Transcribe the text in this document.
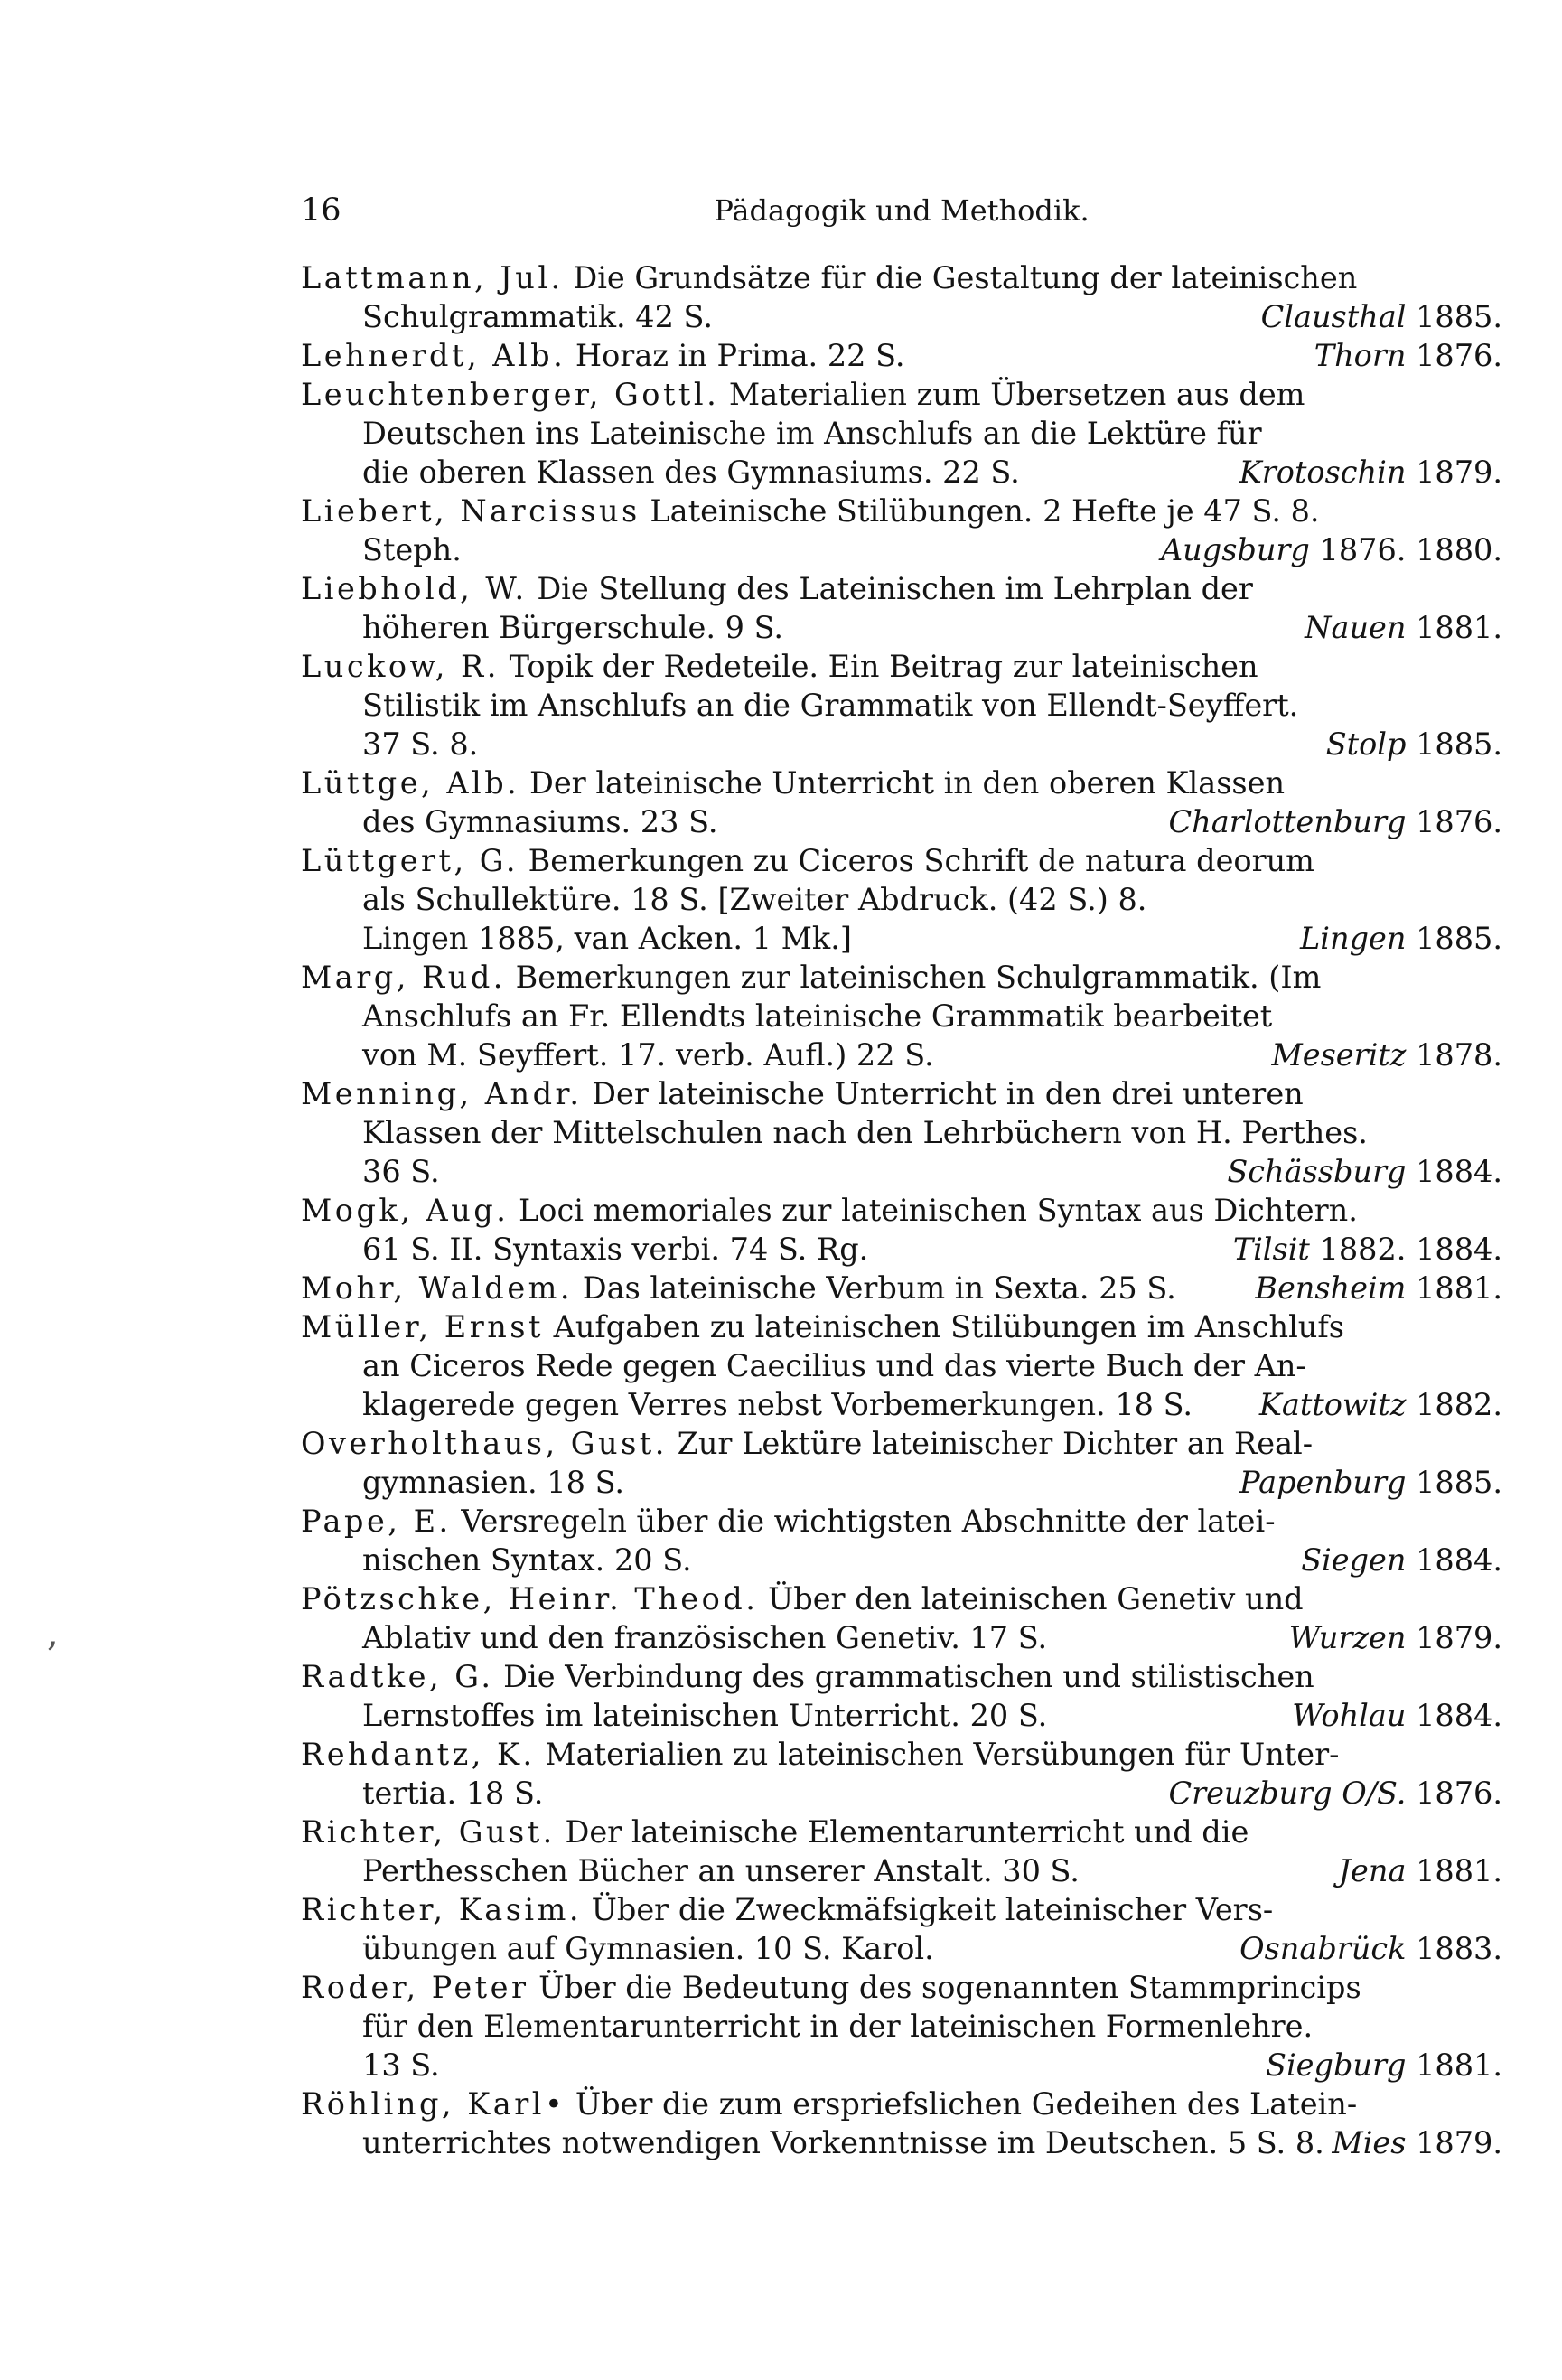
16	Pädagogik und Methodik.
,
Lattmann, Jul. Die Grundsätze für die Gestaltung der lateinischen
Schulgrammatik. 42 S.	Clausthal 1885.
Lehnerdt, Alb. Horaz in Prima. 22 S.	Thorn 1876.
Leuchtenberger, Gottl. Materialien zum Übersetzen aus dem
Deutschen ins Lateinische im Anschlufs an die Lektüre für
die oberen Klassen des Gymnasiums. 22 S.	Krotoschin 1879.
Liebert, Narcissus Lateinische Stilübungen. 2 Hefte je 47 S. 8.
Steph.	Augsburg 1876. 1880.
Liebhold, W. Die Stellung des Lateinischen im Lehrplan der
höheren Bürgerschule. 9 S.	Nauen 1881.
Luckow, R. Topik der Redeteile. Ein Beitrag zur lateinischen
Stilistik im Anschlufs an die Grammatik von Ellendt-Seyffert.
37 S. 8.	Stolp 1885.
Lüttge, Alb. Der lateinische Unterricht in den oberen Klassen
des Gymnasiums. 23 S.	Charlottenburg 1876.
Lüttgert, G. Bemerkungen zu Ciceros Schrift de natura deorum
als Schullektüre. 18 S. [Zweiter Abdruck. (42 S.) 8.
Lingen 1885, van Acken. 1 Mk.]	Lingen 1885.
Marg, Rud. Bemerkungen zur lateinischen Schulgrammatik. (Im
Anschlufs an Fr. Ellendts lateinische Grammatik bearbeitet
von M. Seyffert. 17. verb. Aufl.) 22 S.	Meseritz 1878.
Menning, Andr. Der lateinische Unterricht in den drei unteren
Klassen der Mittelschulen nach den Lehrbüchern von H. Perthes.
36 S.	Schässburg 1884.
Mogk, Aug. Loci memoriales zur lateinischen Syntax aus Dichtern.
61 S. II. Syntaxis verbi. 74 S. Rg.	Tilsit 1882. 1884.
Mohr, Waldem. Das lateinische Verbum in Sexta. 25 S.	Bensheim 1881.
Müller, Ernst Aufgaben zu lateinischen Stilübungen im Anschlufs
an Ciceros Rede gegen Caecilius und das vierte Buch der An-
klagerede gegen Verres nebst Vorbemerkungen. 18 S. Kattowitz 1882.
Overholthaus, Gust. Zur Lektüre lateinischer Dichter an Real-
gymnasien. 18 S.	Papenburg 1885.
Pape, E. Versregeln über die wichtigsten Abschnitte der latei-
nischen Syntax. 20 S.	Siegen 1884.
Pötzschke, Heinr. Theod. Über den lateinischen Genetiv und
Ablativ und den französischen Genetiv. 17 S.	Wurzen 1879.
Radtke, G. Die Verbindung des grammatischen und stilistischen
Lernstoffes im lateinischen Unterricht. 20 S.	Wohlau 1884.
Rehdantz, K. Materialien zu lateinischen Versübungen für Unter-
tertia. 18 S.	Creuzburg O/S. 1876.
Richter, Gust. Der lateinische Elementarunterricht und die
Perthesschen Bücher an unserer Anstalt. 30 S.	Jena 1881.
Richter, Kasim. Über die Zweckmäfsigkeit lateinischer Vers-
übungen auf Gymnasien. 10 S. Karol.	Osnabrück 1883.
Roder, Peter Über die Bedeutung des sogenannten Stammprincips
für den Elementarunterricht in der lateinischen Formenlehre.
13 S.	Siegburg 1881.
Röhling, Karl• Über die zum erspriefslichen Gedeihen des Latein-
unterrichtes notwendigen Vorkenntnisse im Deutschen. 5 S. 8. Mies 1879.
